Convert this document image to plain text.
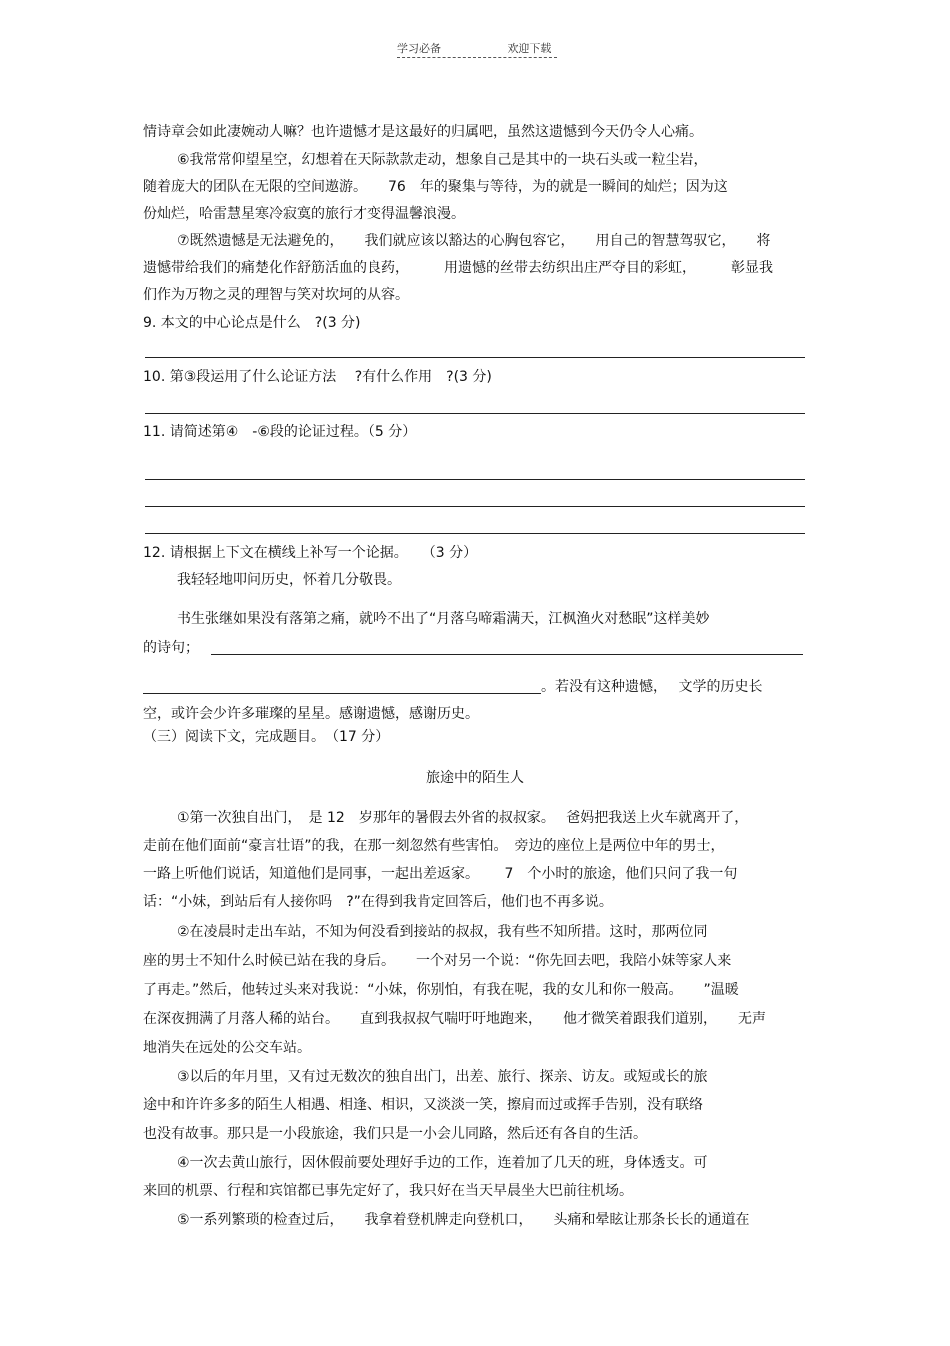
学习必备	欢迎下载

情诗章会如此凄婉动人嘛？也许遗憾才是这最好的归属吧，虽然这遗憾到今天仍令人心痛。

⑥我常常仰望星空，幻想着在天际款款走动，想象自己是其中的一块石头或一粒尘岩，

随着庞大的团队在无限的空间遨游。　　76　年的聚集与等待，为的就是一瞬间的灿烂；因为这

份灿烂，哈雷慧星寒冷寂寞的旅行才变得温馨浪漫。

⑦既然遗憾是无法避免的，　　我们就应该以豁达的心胸包容它，　　用自己的智慧驾驭它，　　将

遗憾带给我们的痛楚化作舒筋活血的良药，　　　用遗憾的丝带去纺织出庄严夺目的彩虹，　　　彰显我

们作为万物之灵的理智与笑对坎坷的从容。

9. 本文的中心论点是什么　?(3 分)

10. 第③段运用了什么论证方法　 ?有什么作用　?(3 分)

11. 请简述第④　-⑥段的论证过程。（5 分）

12. 请根据上下文在横线上补写一个论据。　　（3 分）

我轻轻地叩问历史，怀着几分敬畏。

书生张继如果没有落第之痛，就吟不出了“月落乌啼霜满天，江枫渔火对愁眠”这样美妙

的诗句；

。若没有这种遗憾，　 文学的历史长

空，或许会少许多璀璨的星星。感谢遗憾，感谢历史。

（三）阅读下文，完成题目。　（17 分）

旅途中的陌生人

①第一次独自出门，　是 12　岁那年的暑假去外省的叔叔家。　 爸妈把我送上火车就离开了，

走前在他们面前“豪言壮语”的我，在那一刻忽然有些害怕。　旁边的座位上是两位中年的男士，

一路上听他们说话，知道他们是同事，一起出差返家。　　 7　个小时的旅途，他们只问了我一句

话：“小妹，到站后有人接你吗　?”在得到我肯定回答后，他们也不再多说。

②在凌晨时走出车站，不知为何没看到接站的叔叔，我有些不知所措。这时，那两位同

座的男士不知什么时候已站在我的身后。　　一个对另一个说：“你先回去吧，我陪小妹等家人来

了再走。”然后，他转过头来对我说：“小妹，你别怕，有我在呢，我的女儿和你一般高。　　”温暖

在深夜拥满了月落人稀的站台。　　直到我叔叔气喘吁吁地跑来，　　他才微笑着跟我们道别，　　无声

地消失在远处的公交车站。

③以后的年月里，又有过无数次的独自出门，出差、旅行、探亲、访友。或短或长的旅

途中和许许多多的陌生人相遇、相逢、相识，又淡淡一笑，擦肩而过或挥手告别，没有联络

也没有故事。那只是一小段旅途，我们只是一小会儿同路，然后还有各自的生活。

④一次去黄山旅行，因休假前要处理好手边的工作，连着加了几天的班，身体透支。可

来回的机票、行程和宾馆都已事先定好了，我只好在当天早晨坐大巴前往机场。

⑤一系列繁琐的检查过后，　　我拿着登机牌走向登机口，　　头痛和晕眩让那条长长的通道在
